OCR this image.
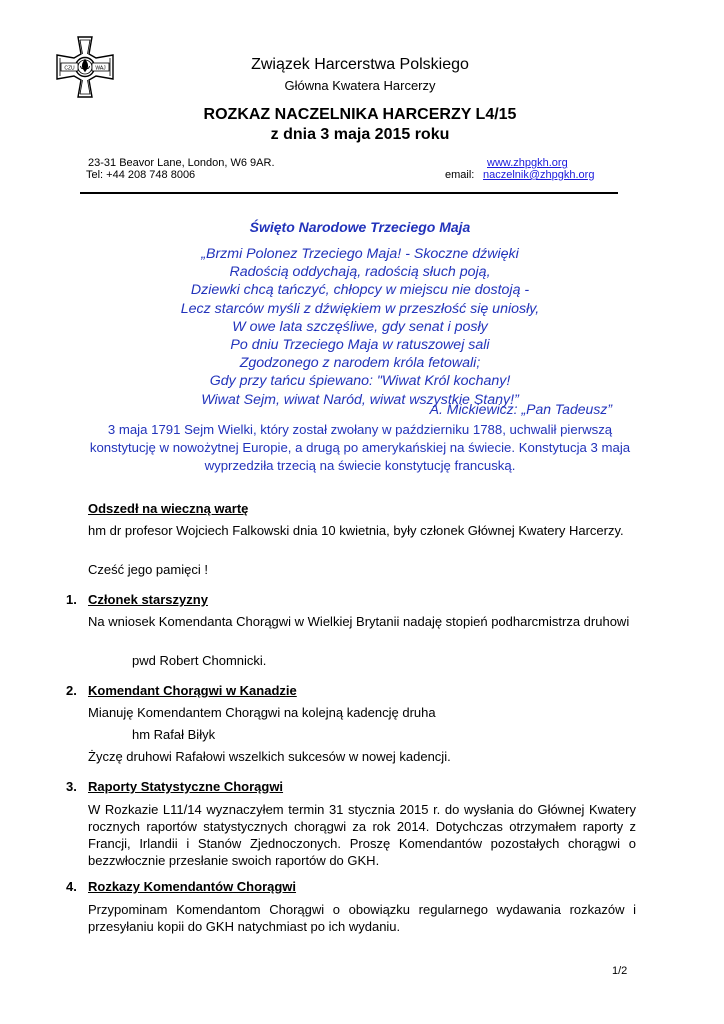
CZU	WAJ	Związek Harcerstwa Polskiego
Główna Kwatera Harcerzy
ROZKAZ NACZELNIKA HARCERZY L4/15
z dnia 3 maja 2015 roku
23-31 Beavor Lane, London, W6 9AR.
Tel: +44 208 748 8006
www.zhpgkh.org
email: naczelnik@zhpgkh.org
Święto Narodowe Trzeciego Maja
„Brzmi Polonez Trzeciego Maja! - Skoczne dźwięki
Radością oddychają, radością słuch poją,
Dziewki chcą tańczyć, chłopcy w miejscu nie dostoją -
Lecz starców myśli z dźwiękiem w przeszłość się uniosły,
W owe lata szczęśliwe, gdy senat i posły
Po dniu Trzeciego Maja w ratuszowej sali
Zgodzonego z narodem króla fetowali;
Gdy przy tańcu śpiewano: "Wiwat Król kochany!
Wiwat Sejm, wiwat Naród, wiwat wszystkie Stany!”
A. Mickiewicz: „Pan Tadeusz”
3 maja 1791 Sejm Wielki, który został zwołany w październiku 1788, uchwalił pierwszą
konstytucję w nowożytnej Europie, a drugą po amerykańskiej na świecie. Konstytucja 3 maja
wyprzedziła trzecią na świecie konstytucję francuską.
Odszedł na wieczną wartę
hm dr profesor Wojciech Falkowski dnia 10 kwietnia, były członek Głównej Kwatery Harcerzy.
Cześć jego pamięci !
1. Członek starszyzny
Na wniosek Komendanta Chorągwi w Wielkiej Brytanii nadaję stopień podharcmistrza druhowi
pwd Robert Chomnicki.
2. Komendant Chorągwi w Kanadzie
Mianuję Komendantem Chorągwi na kolejną kadencję druha
hm Rafał Biłyk
Życzę druhowi Rafałowi wszelkich sukcesów w nowej kadencji.
3. Raporty Statystyczne Chorągwi
W Rozkazie L11/14 wyznaczyłem termin 31 stycznia 2015 r. do wysłania do Głównej Kwatery rocznych raportów statystycznych chorągwi za rok 2014. Dotychczas otrzymałem raporty z Francji, Irlandii i Stanów Zjednoczonych. Proszę Komendantów pozostałych chorągwi o bezzwłocznie przesłanie swoich raportów do GKH.
4. Rozkazy Komendantów Chorągwi
Przypominam Komendantom Chorągwi o obowiązku regularnego wydawania rozkazów i przesyłaniu kopii do GKH natychmiast po ich wydaniu.
1/2
